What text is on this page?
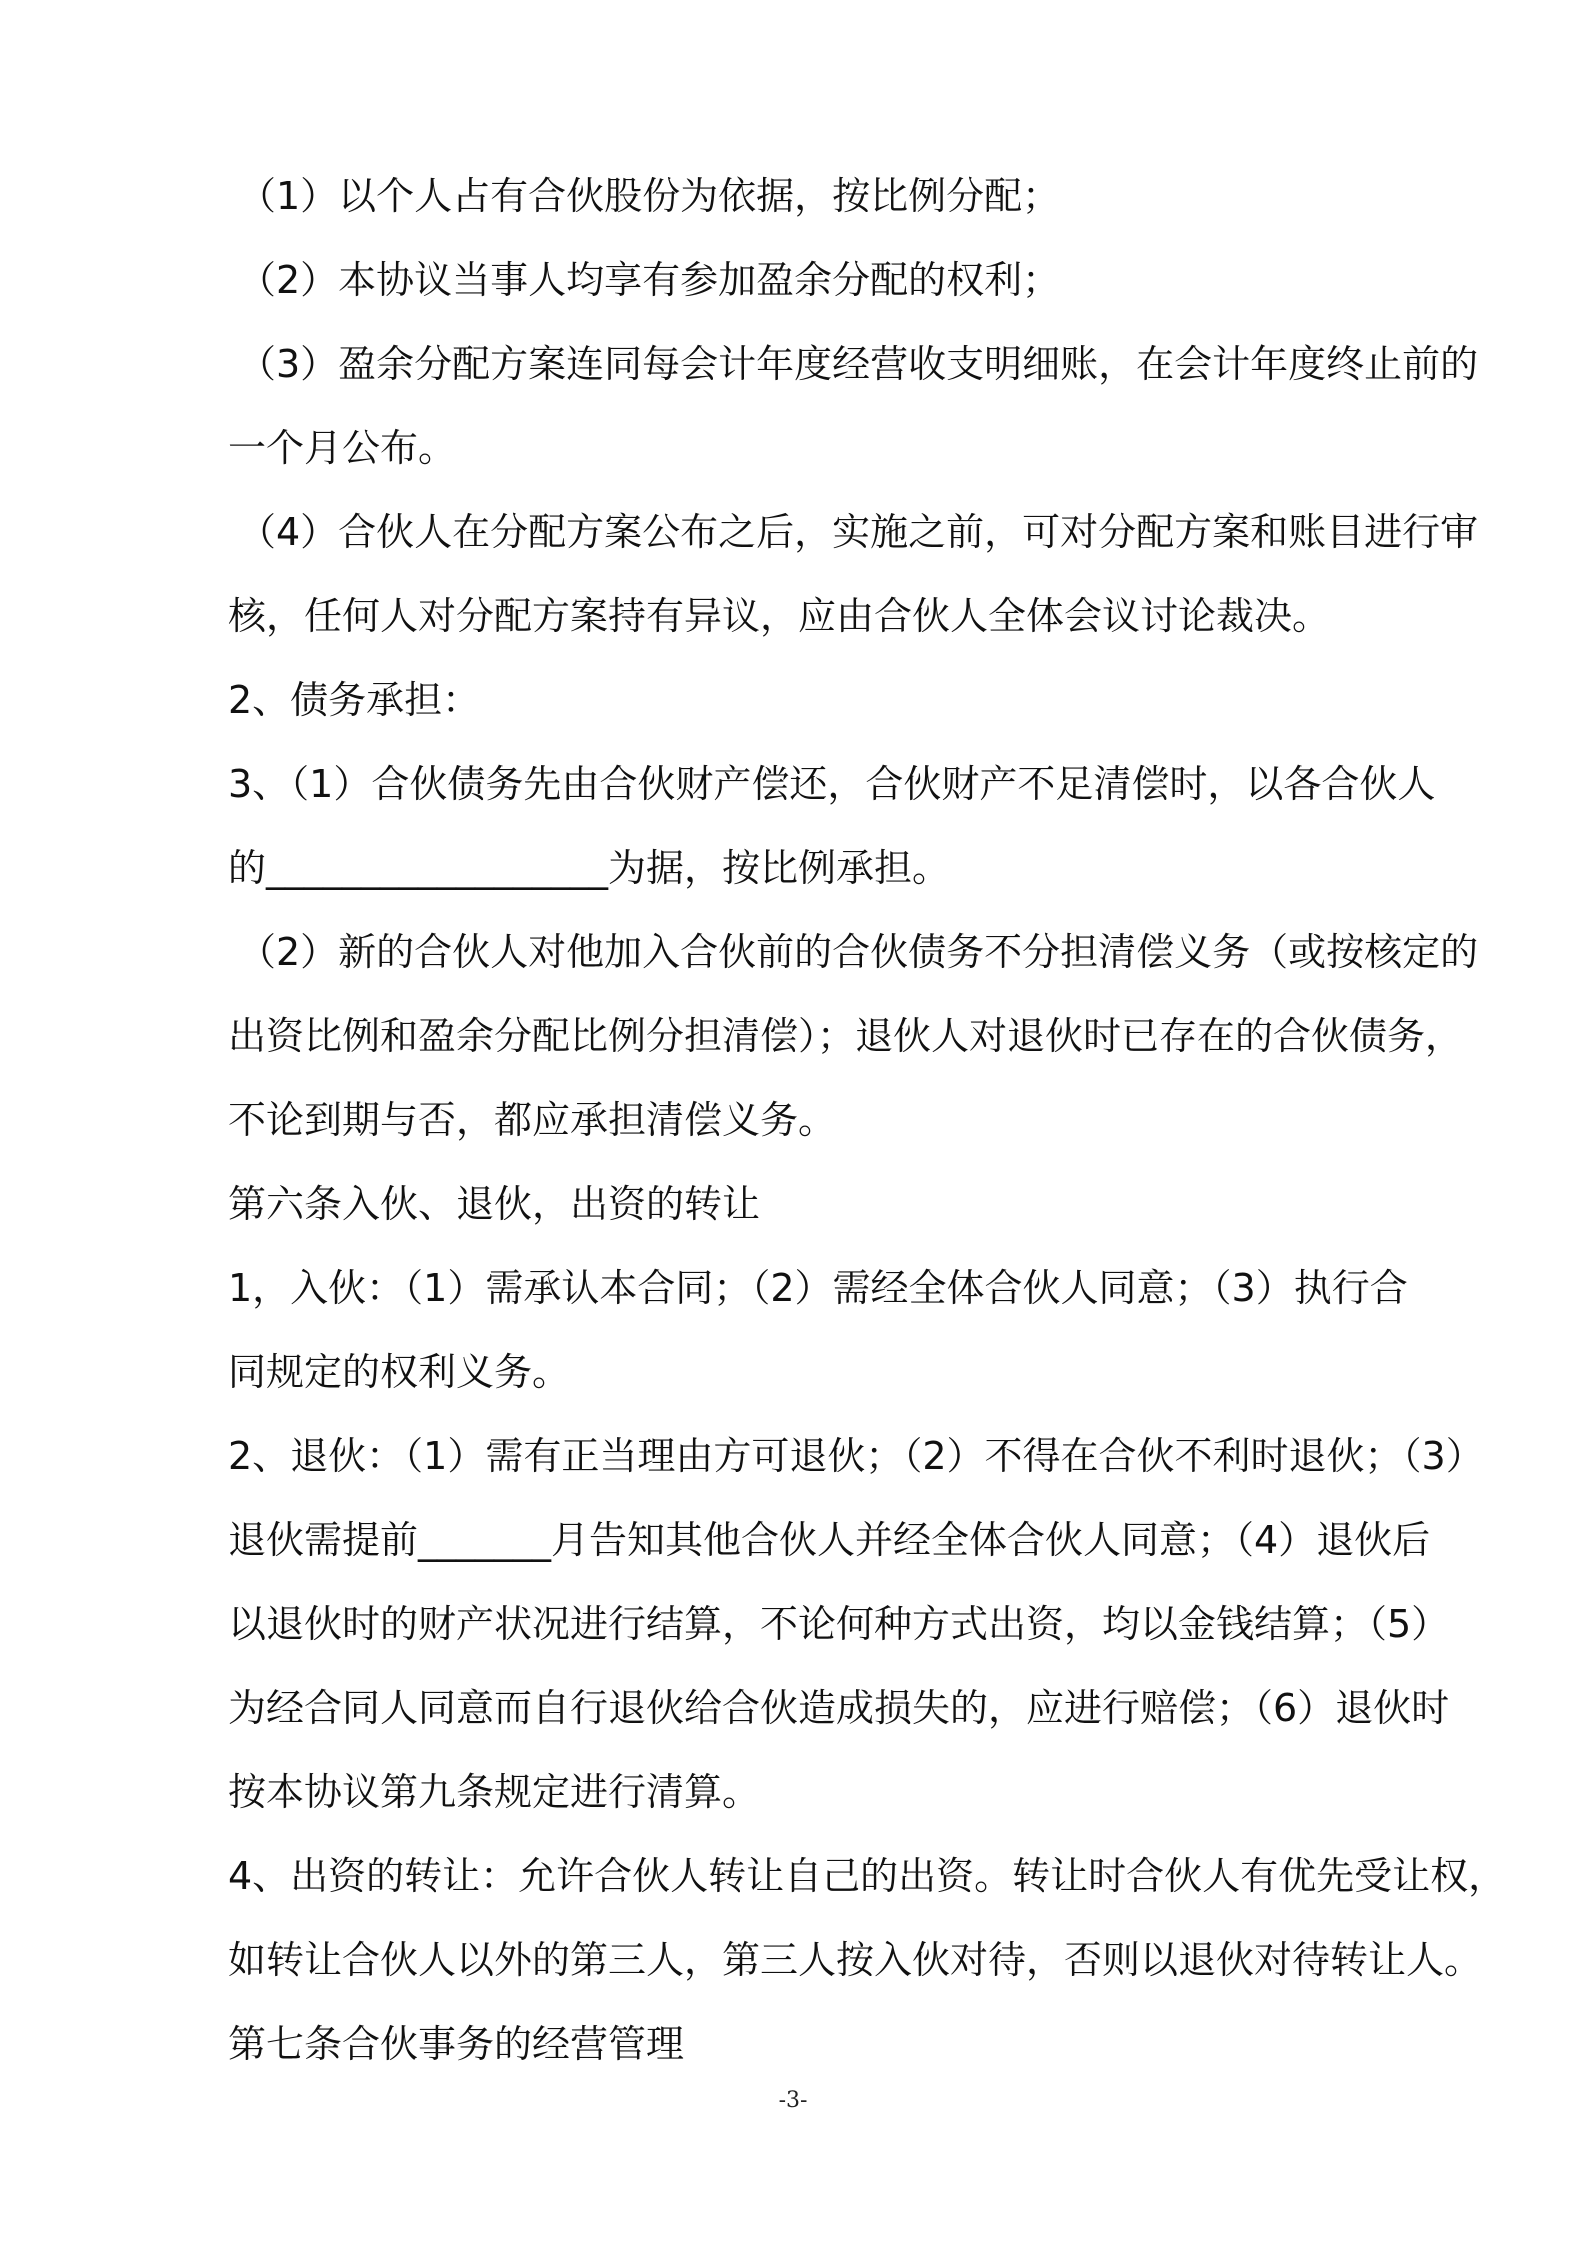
（1）以个人占有合伙股份为依据，按比例分配；
（2）本协议当事人均享有参加盈余分配的权利；
（3）盈余分配方案连同每会计年度经营收支明细账，在会计年度终止前的
一个月公布。
（4）合伙人在分配方案公布之后，实施之前，可对分配方案和账目进行审
核，任何人对分配方案持有异议，应由合伙人全体会议讨论裁决。
2、债务承担：
3、（1）合伙债务先由合伙财产偿还，合伙财产不足清偿时，以各合伙人
的__________________为据，按比例承担。
（2）新的合伙人对他加入合伙前的合伙债务不分担清偿义务（或按核定的
出资比例和盈余分配比例分担清偿）；退伙人对退伙时已存在的合伙债务，
不论到期与否，都应承担清偿义务。
第六条入伙、退伙，出资的转让
1，入伙：（1）需承认本合同；（2）需经全体合伙人同意；（3）执行合
同规定的权利义务。
2、退伙：（1）需有正当理由方可退伙；（2）不得在合伙不利时退伙；（3）
退伙需提前_______月告知其他合伙人并经全体合伙人同意；（4）退伙后
以退伙时的财产状况进行结算，不论何种方式出资，均以金钱结算；（5）
为经合同人同意而自行退伙给合伙造成损失的，应进行赔偿；（6）退伙时
按本协议第九条规定进行清算。
4、出资的转让：允许合伙人转让自己的出资。转让时合伙人有优先受让权，
如转让合伙人以外的第三人，第三人按入伙对待，否则以退伙对待转让人。
第七条合伙事务的经营管理
-3-
